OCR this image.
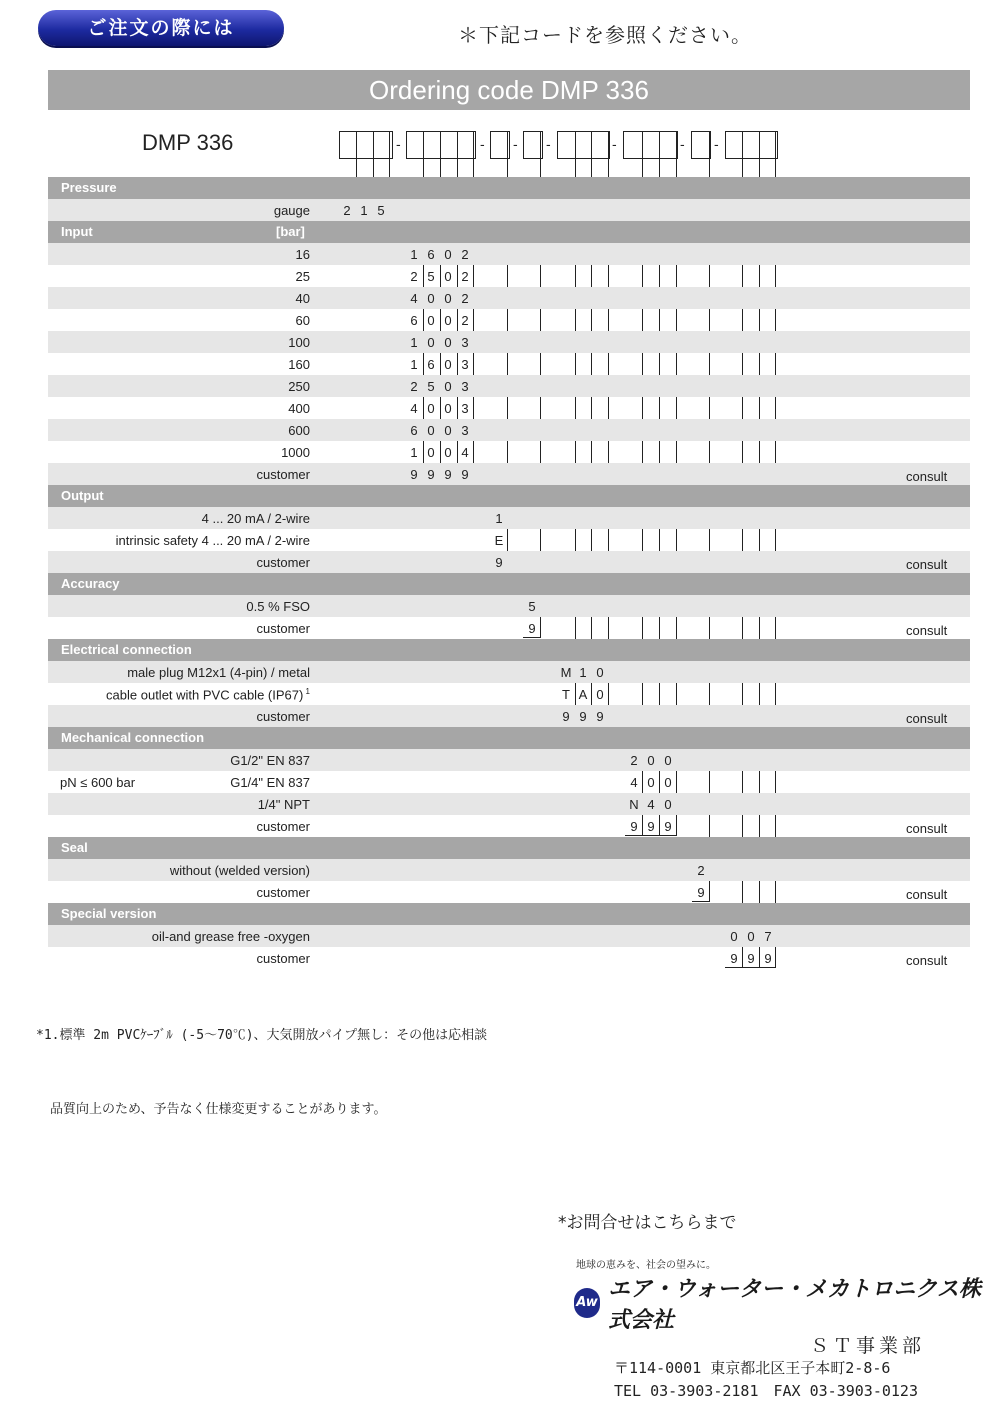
ご注文の際には	＊下記コードを参照ください。
Ordering code DMP 336
DMP 336	-	- - -	-	- -
Pressure
gauge	2 1 5
Input	[bar]
16	1 6 0 2
25	2 5 0 2
40	4 0 0 2
60	6 0 0 2
100	1 0 0 3
160	1 6 0 3
250	2 5 0 3
400	4 0 0 3
600	6 0 0 3
1000	1 0 0 4
customer	9 9 9 9	consult
Output
4 ... 20 mA / 2-wire	1
intrinsic safety 4 ... 20 mA / 2-wire	E
customer	9	consult
Accuracy
0.5 % FSO	5
customer	9	consult
Electrical connection
male plug M12x1 (4-pin) / metal	M 1 0
cable outlet with PVC cable (IP67) $^1$	T A 0
customer	9 9 9	consult
Mechanical connection
G1/2" EN 837	2 0 0
pN ≤ 600 bar	G1/4" EN 837	4 0 0
1/4" NPT	N 4 0
customer	9 9 9	consult
Seal
without (welded version)	2
customer	9	consult
Special version
oil-and grease free -oxygen	0 0 7
customer	9 9 9	consult
*1.標準 2m PVCｹｰﾌﾞﾙ (-5～70℃)、大気開放パイプ無し：その他は応相談
品質向上のため、予告なく仕様変更することがあります。
*お問合せはこちらまで
地球の恵みを、社会の望みに。
Aw
エア・ウォーター・メカトロニクス株式会社
ＳＴ事業部
〒114-0001 東京都北区王子本町2-8-6
TEL 03-3903-2181　FAX 03-3903-0123
